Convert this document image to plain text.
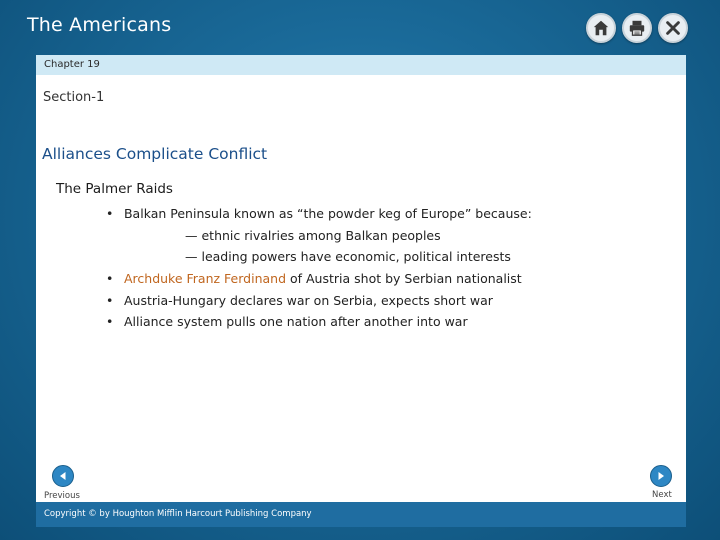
The Americans
Chapter 19
Section-1
Alliances Complicate Conflict
The Palmer Raids
• Balkan Peninsula known as “the powder keg of Europe” because:
— ethnic rivalries among Balkan peoples
— leading powers have economic, political interests
• Archduke Franz Ferdinand of Austria shot by Serbian nationalist
• Austria-Hungary declares war on Serbia, expects short war
• Alliance system pulls one nation after another into war
Previous	Next
Copyright © by Houghton Mifflin Harcourt Publishing Company
